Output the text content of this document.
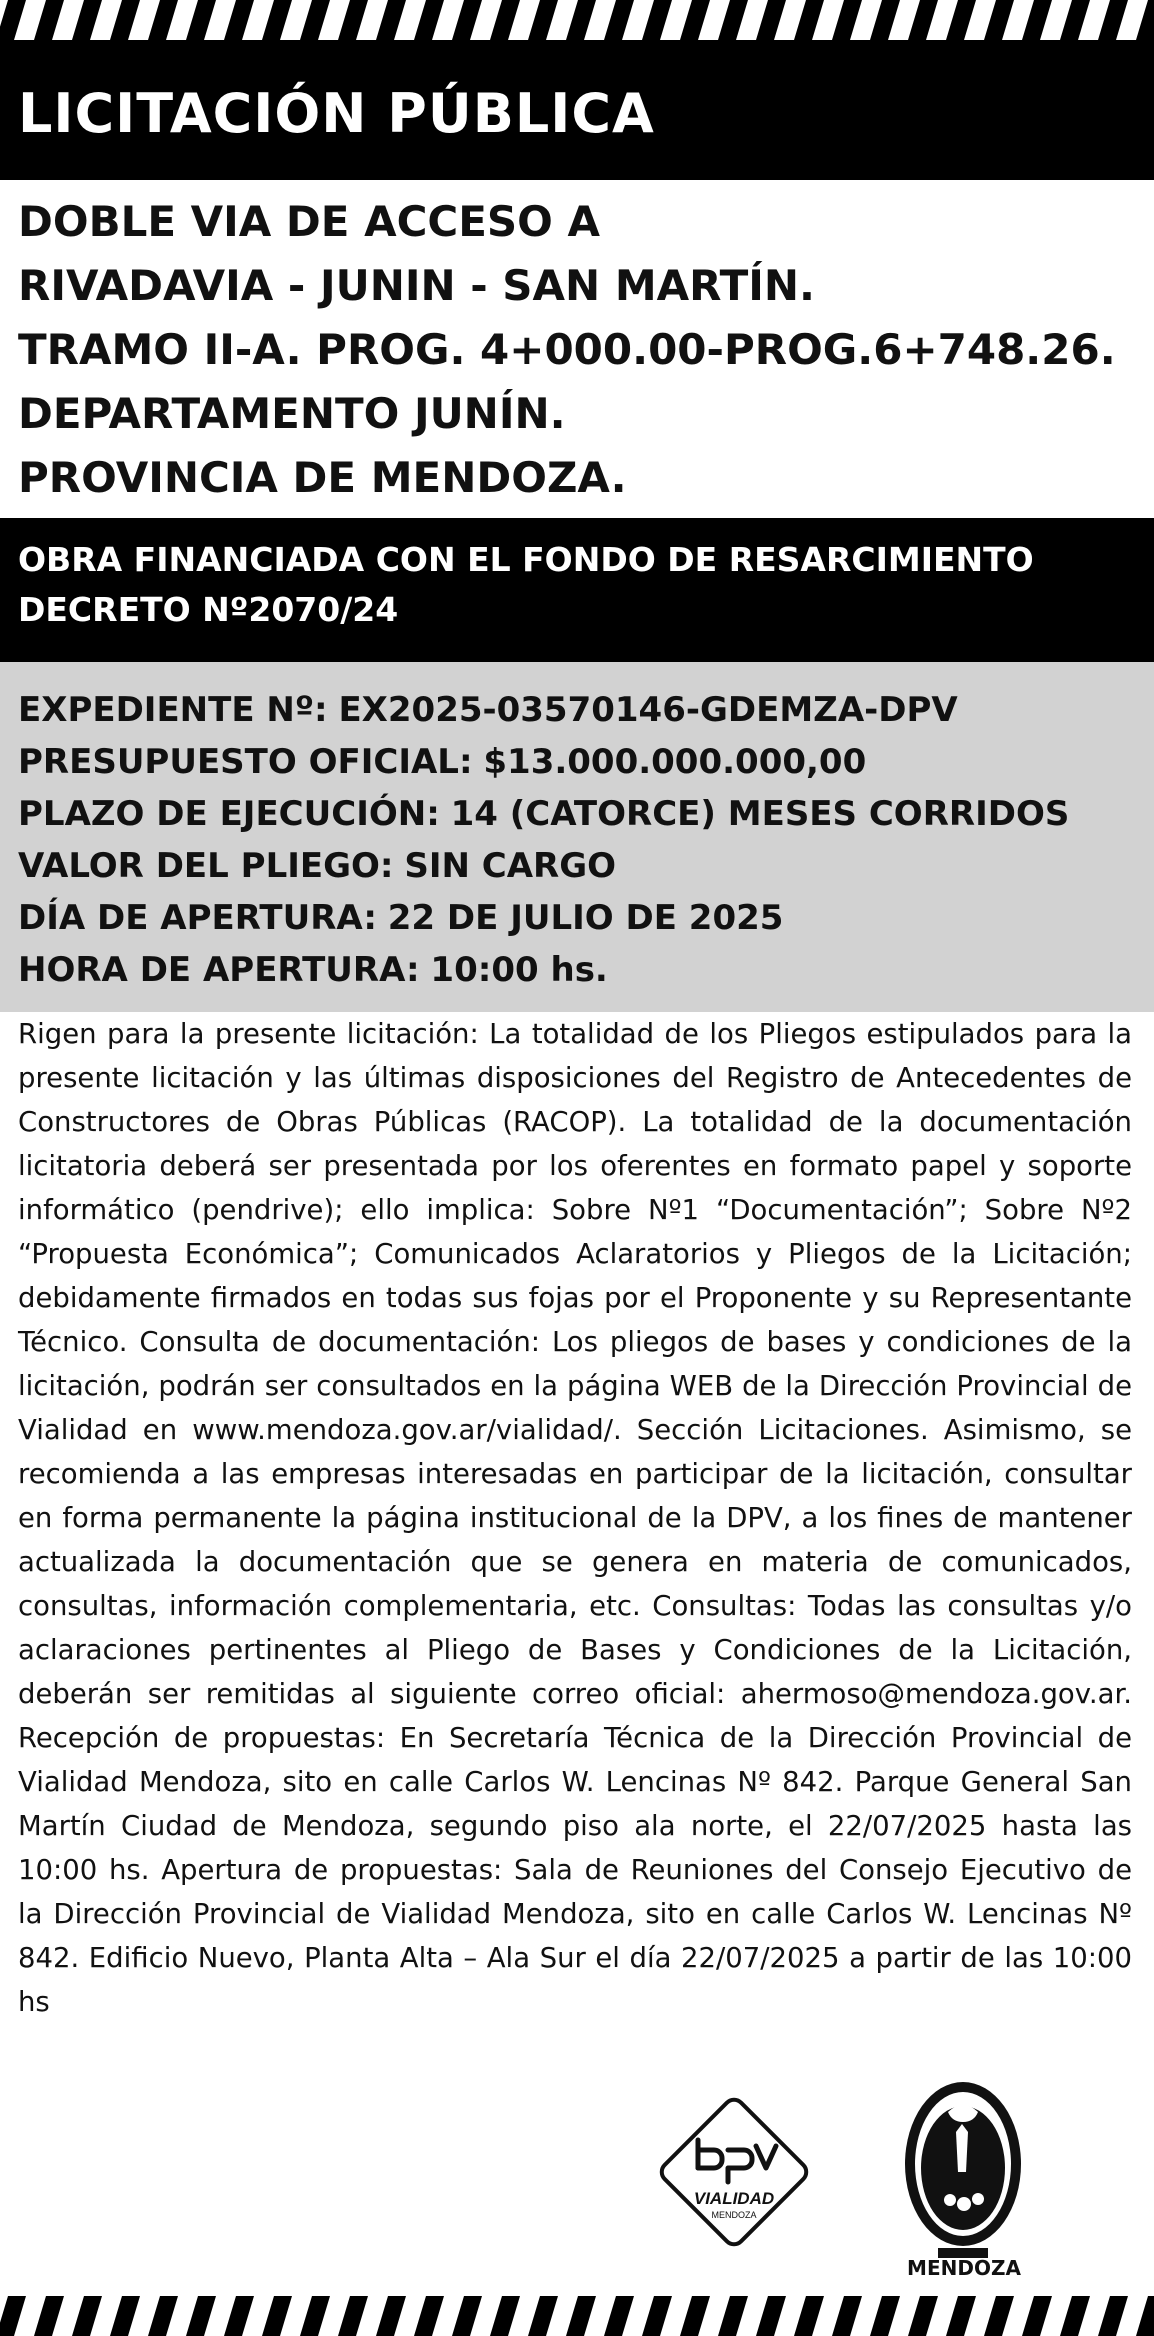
LICITACIÓN PÚBLICA
DOBLE VIA DE ACCESO A
RIVADAVIA - JUNIN - SAN MARTÍN.
TRAMO II-A. PROG. 4+000.00-PROG.6+748.26.
DEPARTAMENTO JUNÍN.
PROVINCIA DE MENDOZA.
OBRA FINANCIADA CON EL FONDO DE RESARCIMIENTO
DECRETO Nº2070/24
EXPEDIENTE Nº: EX2025-03570146-GDEMZA-DPV
PRESUPUESTO OFICIAL: $13.000.000.000,00
PLAZO DE EJECUCIÓN: 14 (CATORCE) MESES CORRIDOS
VALOR DEL PLIEGO: SIN CARGO
DÍA DE APERTURA: 22 DE JULIO DE 2025
HORA DE APERTURA: 10:00 hs.

Rigen para la presente licitación: La totalidad de los Pliegos estipulados para la presente licitación y las últimas disposiciones del Registro de Antecedentes de Constructores de Obras Públicas (RACOP). La totalidad de la documentación licitatoria deberá ser presentada por los oferentes en formato papel y soporte informático (pendrive); ello implica: Sobre Nº1 “Documentación”; Sobre Nº2 “Propuesta Económica”; Comunicados Aclaratorios y Pliegos de la Licitación; debidamente firmados en todas sus fojas por el Proponente y su Representante Técnico. Consulta de documentación: Los pliegos de bases y condiciones de la licitación, podrán ser consultados en la página WEB de la Dirección Provincial de Vialidad en www.mendoza.gov.ar/vialidad/. Sección Licitaciones. Asimismo, se recomienda a las empresas interesadas en participar de la licitación, consultar en forma permanente la página institucional de la DPV, a los fines de mantener actualizada la documentación que se genera en materia de comunicados, consultas, información complementaria, etc. Consultas: Todas las consultas y/o aclaraciones pertinentes al Pliego de Bases y Condiciones de la Licitación, deberán ser remitidas al siguiente correo oficial: ahermoso@mendoza.gov.ar. Recepción de propuestas: En Secretaría Técnica de la Dirección Provincial de Vialidad Mendoza, sito en calle Carlos W. Lencinas Nº 842. Parque General San Martín Ciudad de Mendoza, segundo piso ala norte, el 22/07/2025 hasta las 10:00 hs. Apertura de propuestas: Sala de Reuniones del Consejo Ejecutivo de la Dirección Provincial de Vialidad Mendoza, sito en calle Carlos W. Lencinas Nº 842. Edificio Nuevo, Planta Alta – Ala Sur el día 22/07/2025 a partir de las 10:00 hs

VIALIDAD
MENDOZA
MENDOZA
